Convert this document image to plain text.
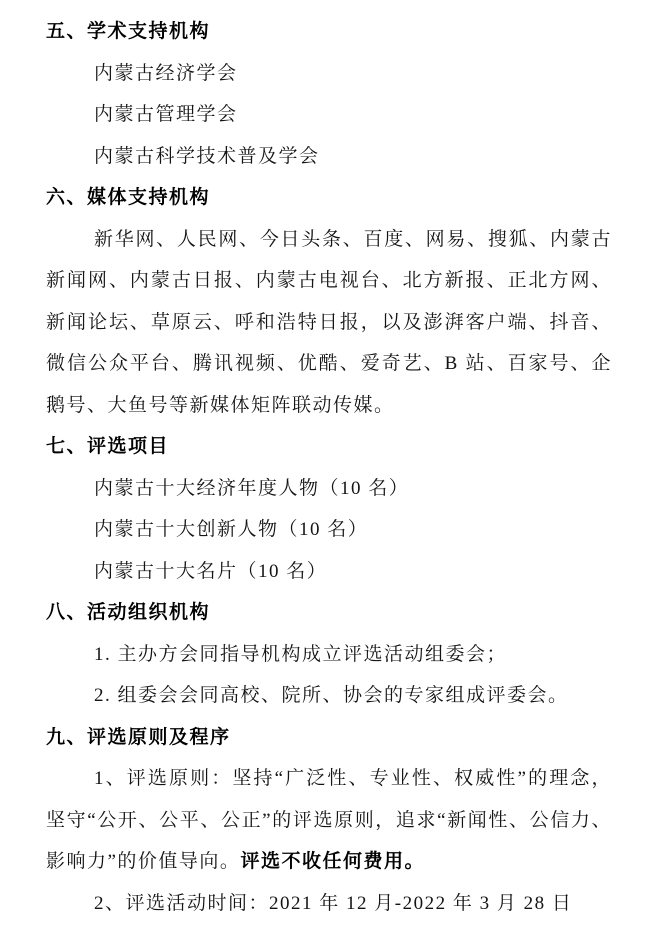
五、学术支持机构

内蒙古经济学会

内蒙古管理学会

内蒙古科学技术普及学会

六、媒体支持机构

新华网、人民网、今日头条、百度、网易、搜狐、内蒙古新闻网、内蒙古日报、内蒙古电视台、北方新报、正北方网、新闻论坛、草原云、呼和浩特日报，以及澎湃客户端、抖音、微信公众平台、腾讯视频、优酷、爱奇艺、B 站、百家号、企鹅号、大鱼号等新媒体矩阵联动传媒。

七、评选项目

内蒙古十大经济年度人物（10 名）

内蒙古十大创新人物（10 名）

内蒙古十大名片（10 名）

八、活动组织机构

1. 主办方会同指导机构成立评选活动组委会；

2. 组委会会同高校、院所、协会的专家组成评委会。

九、评选原则及程序

1、评选原则：坚持“广泛性、专业性、权威性”的理念，坚守“公开、公平、公正”的评选原则，追求“新闻性、公信力、影响力”的价值导向。评选不收任何费用。

2、评选活动时间：2021 年 12 月-2022 年 3 月 28 日
